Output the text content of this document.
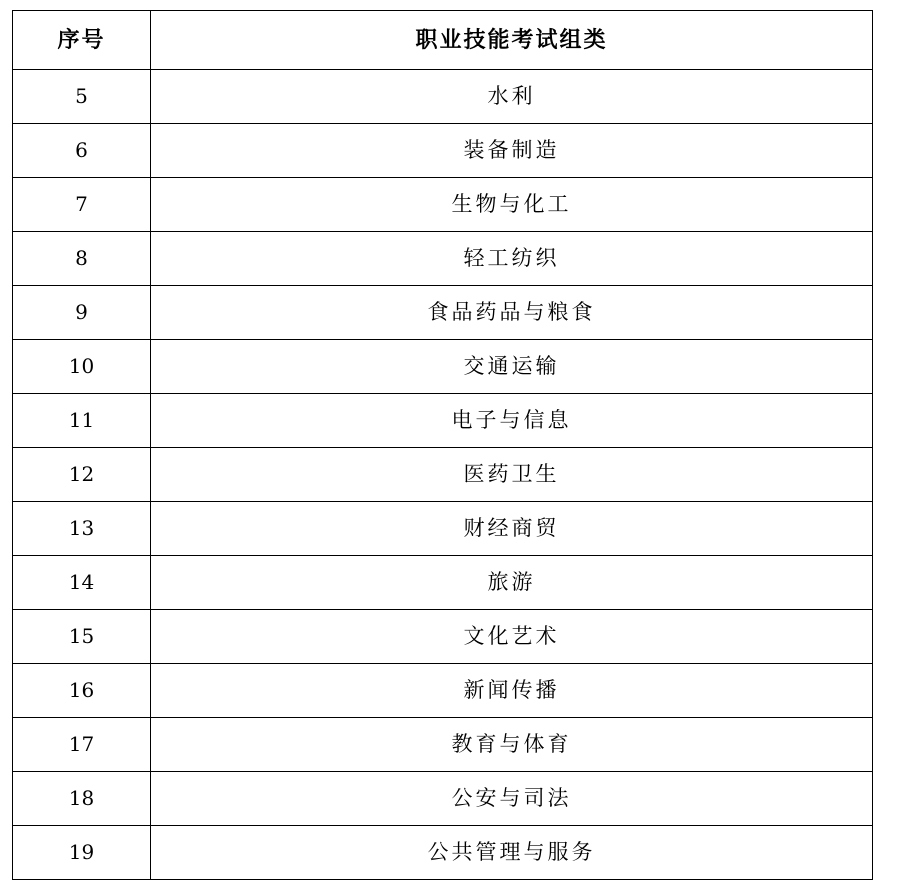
序号	职业技能考试组类
5	水利
6	装备制造
7	生物与化工
8	轻工纺织
9	食品药品与粮食
10	交通运输
11	电子与信息
12	医药卫生
13	财经商贸
14	旅游
15	文化艺术
16	新闻传播
17	教育与体育
18	公安与司法
19	公共管理与服务
